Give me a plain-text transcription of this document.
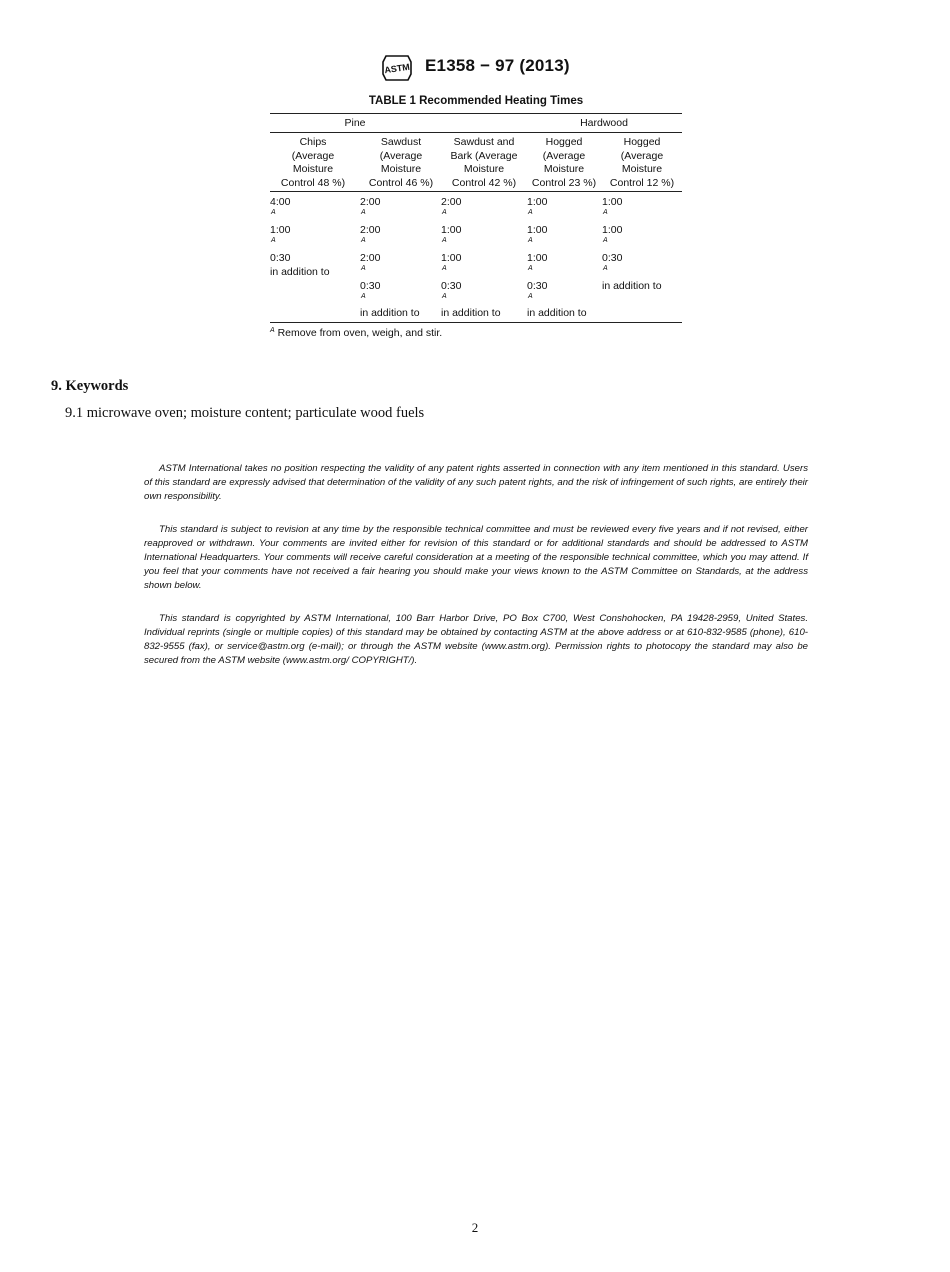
ASTM E1358 − 97 (2013)
TABLE 1 Recommended Heating Times
Pine	Hardwood
Chips
(Average
Moisture
Control 48 %)
Sawdust
(Average
Moisture
Control 46 %)
Sawdust and
Bark (Average
Moisture
Control 42 %)
Hogged
(Average
Moisture
Control 23 %)
Hogged
(Average
Moisture
Control 12 %)
4:00
A
1:00
A
0:30
in addition to
2:00
A
2:00
A
2:00
A
0:30
A
in addition to
2:00
A
1:00
A
1:00
A
0:30
A
in addition to
1:00
A
1:00
A
1:00
A
0:30
A
in addition to
1:00
A
1:00
A
0:30
A
in addition to
$^A$ Remove from oven, weigh, and stir.
9. Keywords
9.1 microwave oven; moisture content; particulate wood fuels
ASTM International takes no position respecting the validity of any patent rights asserted in connection with any item mentioned in this standard. Users of this standard are expressly advised that determination of the validity of any such patent rights, and the risk of infringement of such rights, are entirely their own responsibility.
This standard is subject to revision at any time by the responsible technical committee and must be reviewed every five years and if not revised, either reapproved or withdrawn. Your comments are invited either for revision of this standard or for additional standards and should be addressed to ASTM International Headquarters. Your comments will receive careful consideration at a meeting of the responsible technical committee, which you may attend. If you feel that your comments have not received a fair hearing you should make your views known to the ASTM Committee on Standards, at the address shown below.
This standard is copyrighted by ASTM International, 100 Barr Harbor Drive, PO Box C700, West Conshohocken, PA 19428-2959, United States. Individual reprints (single or multiple copies) of this standard may be obtained by contacting ASTM at the above address or at 610-832-9585 (phone), 610-832-9555 (fax), or service@astm.org (e-mail); or through the ASTM website (www.astm.org). Permission rights to photocopy the standard may also be secured from the ASTM website (www.astm.org/ COPYRIGHT/).
2
